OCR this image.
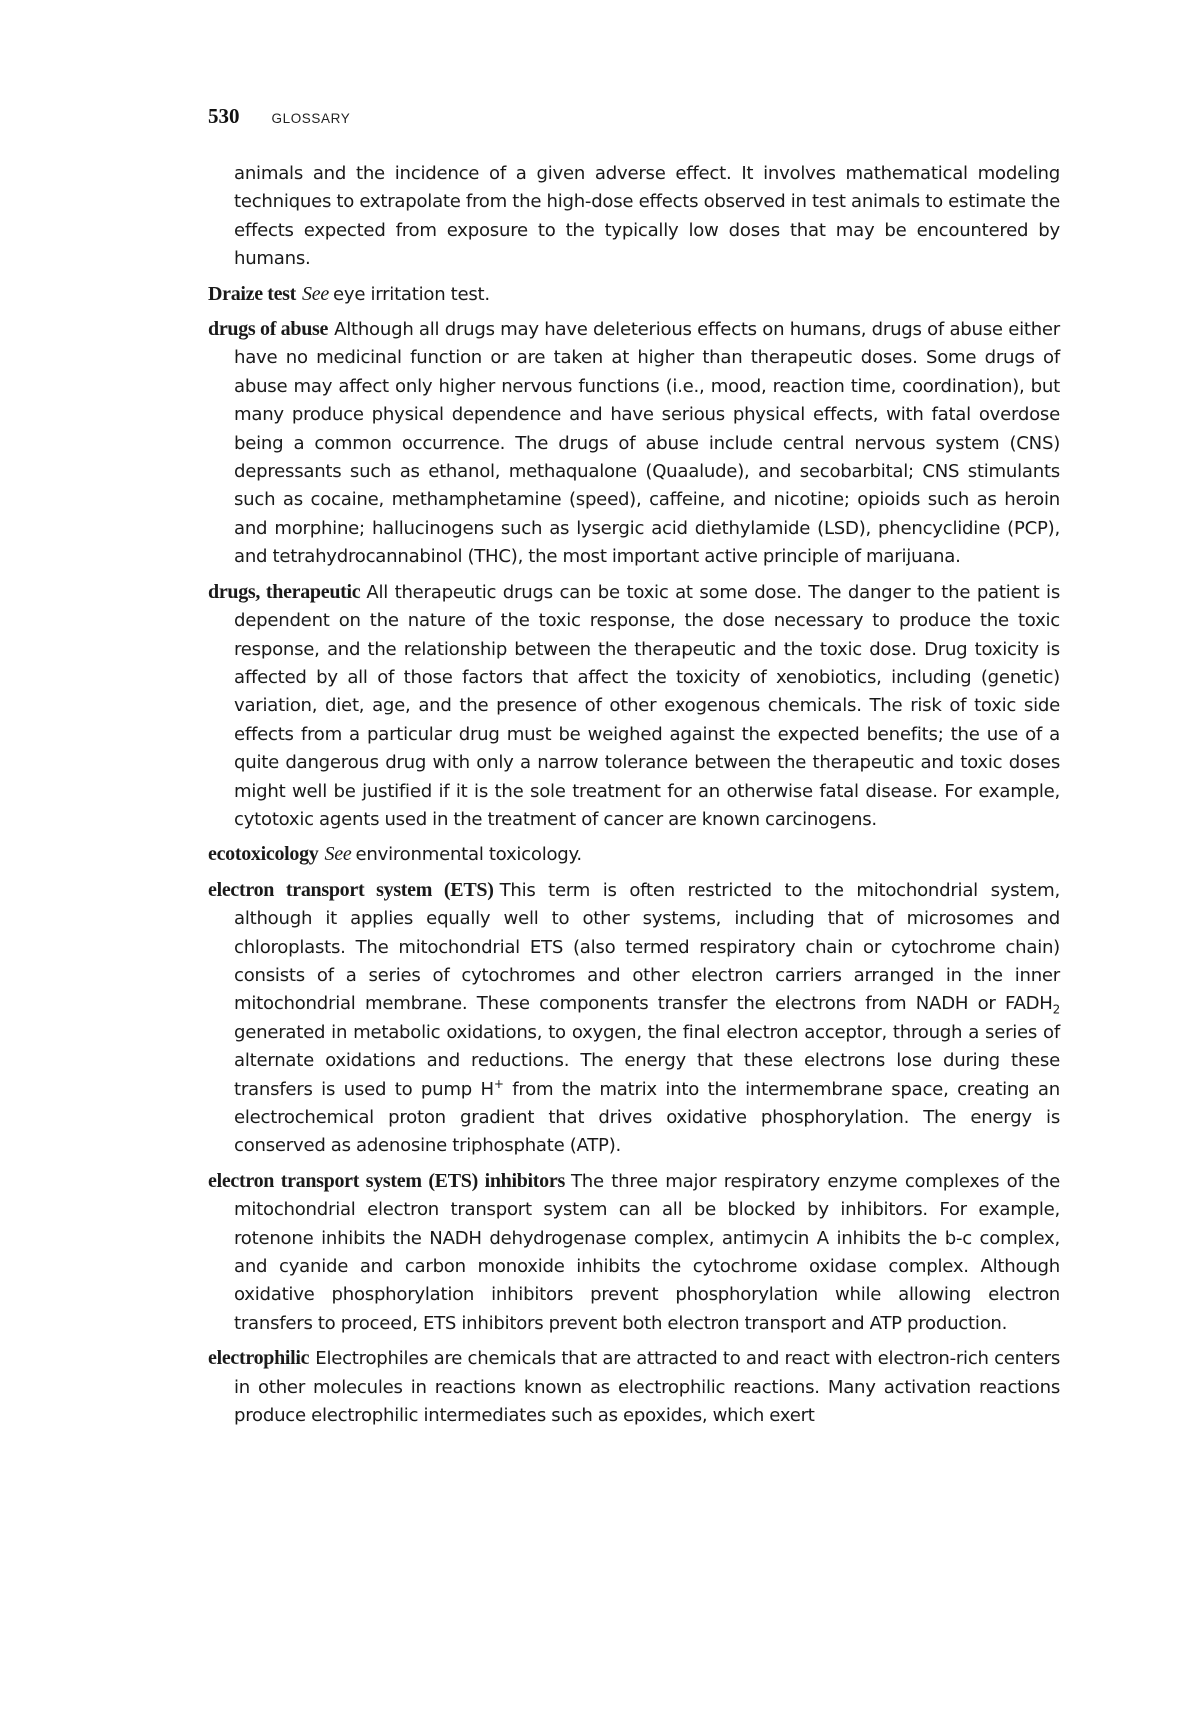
530 GLOSSARY

animals and the incidence of a given adverse effect. It involves mathematical modeling techniques to extrapolate from the high-dose effects observed in test animals to estimate the effects expected from exposure to the typically low doses that may be encountered by humans.

Draize test See eye irritation test.

drugs of abuse Although all drugs may have deleterious effects on humans, drugs of abuse either have no medicinal function or are taken at higher than therapeutic doses. Some drugs of abuse may affect only higher nervous functions (i.e., mood, reaction time, coordination), but many produce physical dependence and have serious physical effects, with fatal overdose being a common occurrence. The drugs of abuse include central nervous system (CNS) depressants such as ethanol, methaqualone (Quaalude), and secobarbital; CNS stimulants such as cocaine, methamphetamine (speed), caffeine, and nicotine; opioids such as heroin and morphine; hallucinogens such as lysergic acid diethylamide (LSD), phencyclidine (PCP), and tetrahydrocannabinol (THC), the most important active principle of marijuana.

drugs, therapeutic All therapeutic drugs can be toxic at some dose. The danger to the patient is dependent on the nature of the toxic response, the dose necessary to produce the toxic response, and the relationship between the therapeutic and the toxic dose. Drug toxicity is affected by all of those factors that affect the toxicity of xenobiotics, including (genetic) variation, diet, age, and the presence of other exogenous chemicals. The risk of toxic side effects from a particular drug must be weighed against the expected benefits; the use of a quite dangerous drug with only a narrow tolerance between the therapeutic and toxic doses might well be justified if it is the sole treatment for an otherwise fatal disease. For example, cytotoxic agents used in the treatment of cancer are known carcinogens.

ecotoxicology See environmental toxicology.

electron transport system (ETS) This term is often restricted to the mitochondrial system, although it applies equally well to other systems, including that of microsomes and chloroplasts. The mitochondrial ETS (also termed respiratory chain or cytochrome chain) consists of a series of cytochromes and other electron carriers arranged in the inner mitochondrial membrane. These components transfer the electrons from NADH or $FADH_2$ generated in metabolic oxidations, to oxygen, the final electron acceptor, through a series of alternate oxidations and reductions. The energy that these electrons lose during these transfers is used to pump H+ from the matrix into the intermembrane space, creating an electrochemical proton gradient that drives oxidative phosphorylation. The energy is conserved as adenosine triphosphate (ATP).

electron transport system (ETS) inhibitors The three major respiratory enzyme complexes of the mitochondrial electron transport system can all be blocked by inhibitors. For example, rotenone inhibits the NADH dehydrogenase complex, antimycin A inhibits the b-c complex, and cyanide and carbon monoxide inhibits the cytochrome oxidase complex. Although oxidative phosphorylation inhibitors prevent phosphorylation while allowing electron transfers to proceed, ETS inhibitors prevent both electron transport and ATP production.

electrophilic Electrophiles are chemicals that are attracted to and react with electron-rich centers in other molecules in reactions known as electrophilic reactions. Many activation reactions produce electrophilic intermediates such as epoxides, which exert
